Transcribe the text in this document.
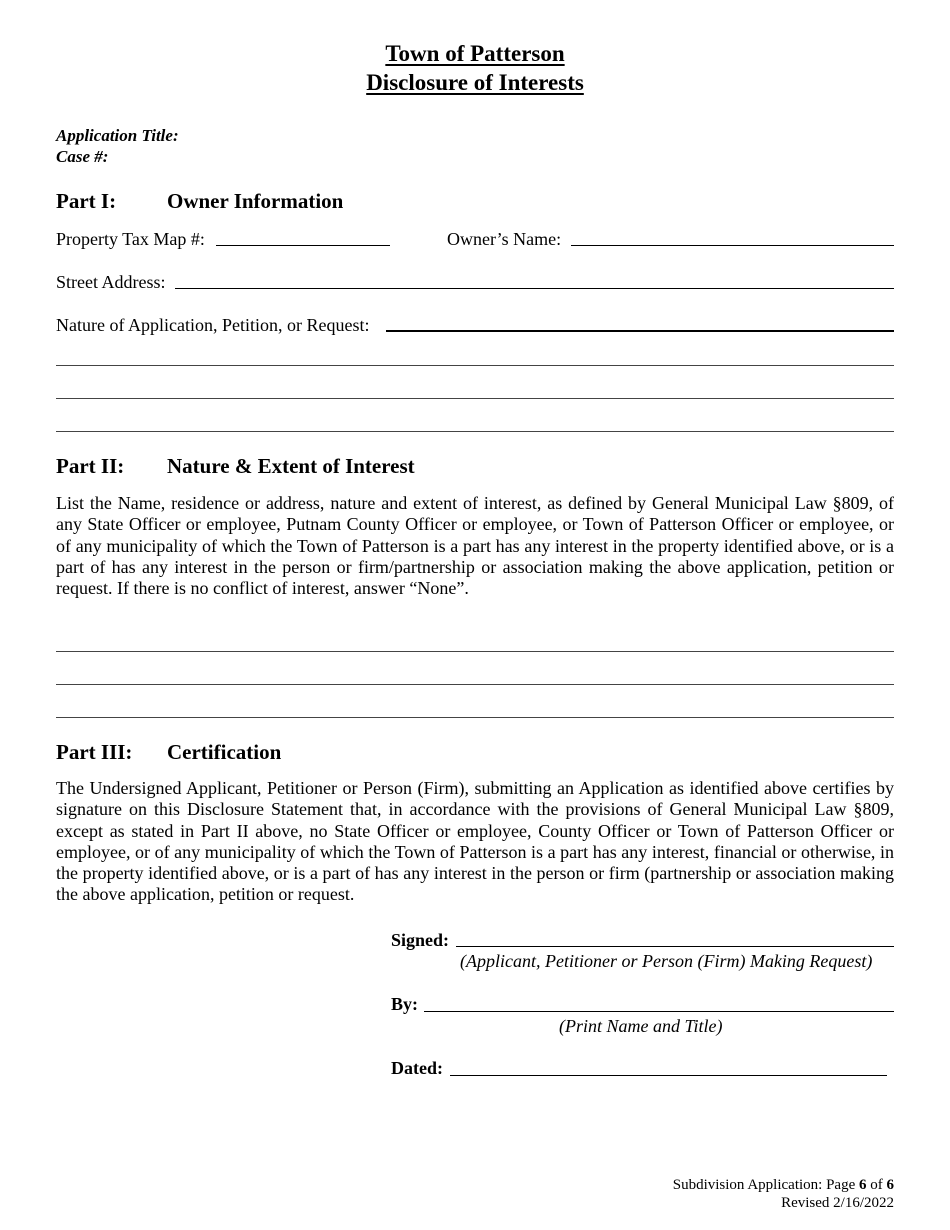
Town of Patterson
Disclosure of Interests
Application Title:
Case #:
Part I: Owner Information
Property Tax Map #:	Owner’s Name:
Street Address:
Nature of Application, Petition, or Request:
Part II: Nature & Extent of Interest
List the Name, residence or address, nature and extent of interest, as defined by General Municipal Law §809, of any State Officer or employee, Putnam County Officer or employee, or Town of Patterson Officer or employee, or of any municipality of which the Town of Patterson is a part has any interest in the property identified above, or is a part of has any interest in the person or firm/partnership or association making the above application, petition or request. If there is no conflict of interest, answer “None”.
Part III: Certification
The Undersigned Applicant, Petitioner or Person (Firm), submitting an Application as identified above certifies by signature on this Disclosure Statement that, in accordance with the provisions of General Municipal Law §809, except as stated in Part II above, no State Officer or employee, County Officer or Town of Patterson Officer or employee, or of any municipality of which the Town of Patterson is a part has any interest, financial or otherwise, in the property identified above, or is a part of has any interest in the person or firm (partnership or association making the above application, petition or request.
Signed:
(Applicant, Petitioner or Person (Firm) Making Request)
By:
(Print Name and Title)
Dated:
Subdivision Application: Page 6 of 6
Revised 2/16/2022
